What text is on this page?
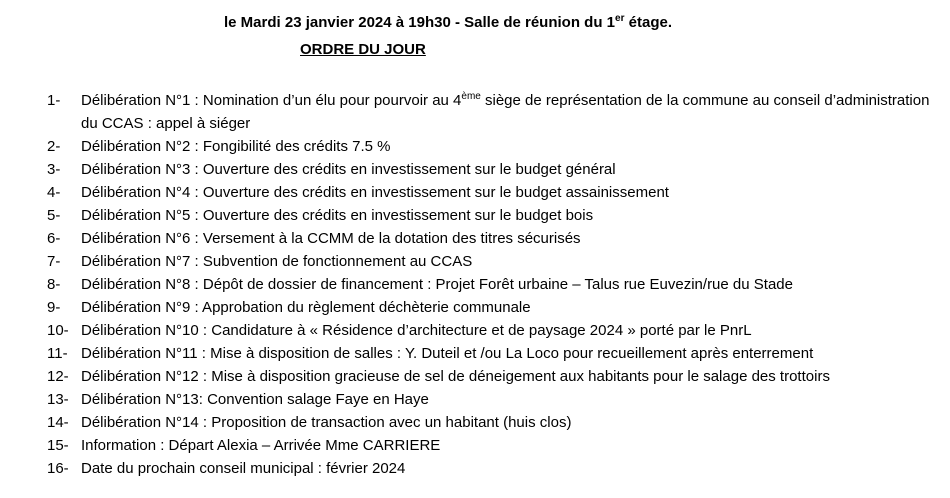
le Mardi 23 janvier 2024 à 19h30 - Salle de réunion du 1er étage.
ORDRE DU JOUR
1- Délibération N°1 : Nomination d’un élu pour pourvoir au 4ème siège de représentation de la commune au conseil d’administration du CCAS : appel à siéger
2- Délibération N°2 : Fongibilité des crédits 7.5 %
3- Délibération N°3 : Ouverture des crédits en investissement sur le budget général
4- Délibération N°4 : Ouverture des crédits en investissement sur le budget assainissement
5- Délibération N°5 : Ouverture des crédits en investissement sur le budget bois
6- Délibération N°6 : Versement à la CCMM de la dotation des titres sécurisés
7- Délibération N°7 : Subvention de fonctionnement au CCAS
8- Délibération N°8 : Dépôt de dossier de financement : Projet Forêt urbaine – Talus rue Euvezin/rue du Stade
9- Délibération N°9 : Approbation du règlement déchèterie communale
10- Délibération N°10 : Candidature à « Résidence d’architecture et de paysage 2024 » porté par le PnrL
11- Délibération N°11 : Mise à disposition de salles : Y. Duteil et /ou La Loco pour recueillement après enterrement
12- Délibération N°12 : Mise à disposition gracieuse de sel de déneigement aux habitants pour le salage des trottoirs
13- Délibération N°13: Convention salage Faye en Haye
14- Délibération N°14 : Proposition de transaction avec un habitant (huis clos)
15- Information : Départ Alexia – Arrivée Mme CARRIERE
16- Date du prochain conseil municipal : février 2024
